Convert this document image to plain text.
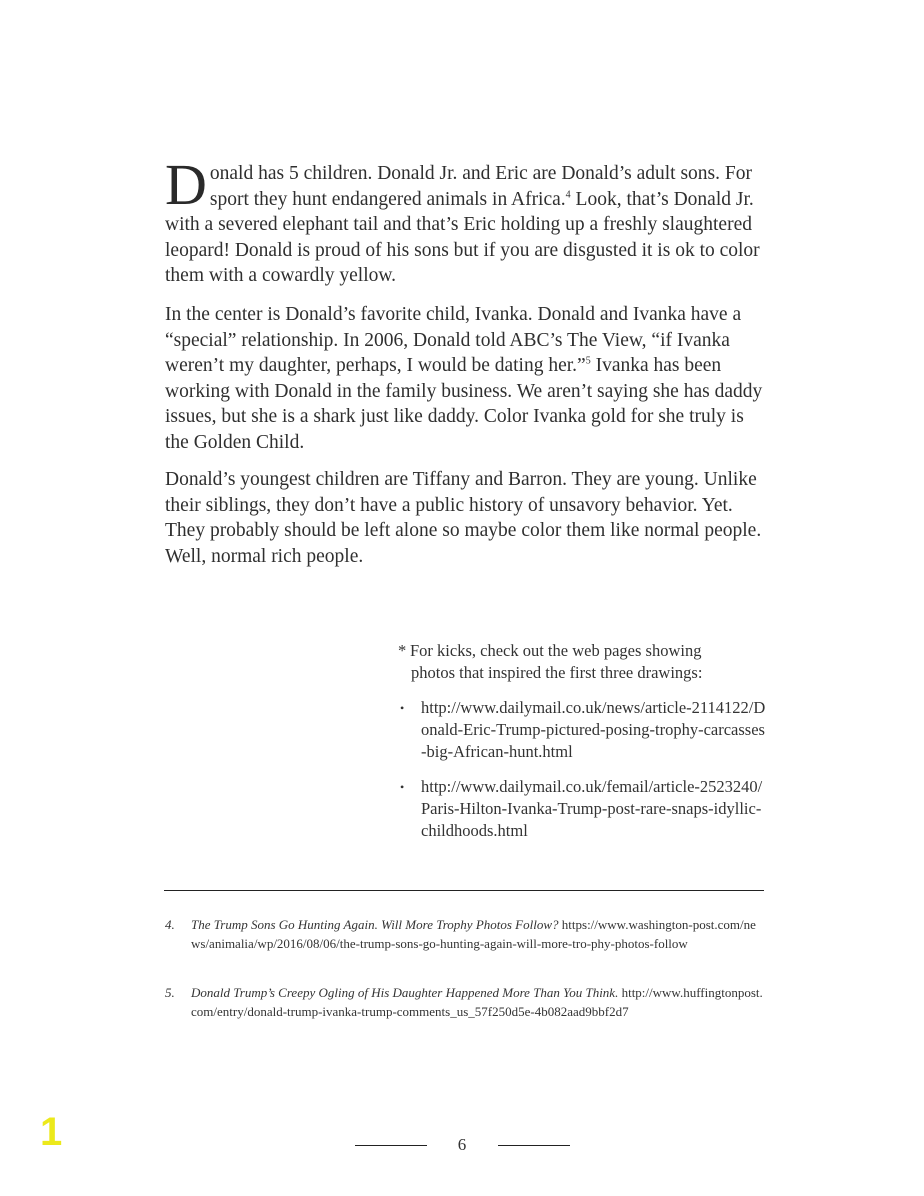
Donald has 5 children. Donald Jr. and Eric are Donald’s adult sons. For sport they hunt endangered animals in Africa.$^4$ Look, that’s Donald Jr. with a severed elephant tail and that’s Eric holding up a freshly slaughtered leopard! Donald is proud of his sons but if you are disgusted it is ok to color them with a cowardly yellow.

In the center is Donald’s favorite child, Ivanka. Donald and Ivanka have a “special” relationship. In 2006, Donald told ABC’s The View, “if Ivanka weren’t my daughter, perhaps, I would be dating her.”$^5$ Ivanka has been working with Donald in the family business. We aren’t saying she has daddy issues, but she is a shark just like daddy. Color Ivanka gold for she truly is the Golden Child.

Donald’s youngest children are Tiffany and Barron. They are young. Unlike their siblings, they don’t have a public history of unsavory behavior. Yet. They probably should be left alone so maybe color them like normal people. Well, normal rich people.

* For kicks, check out the web pages showing
photos that inspired the first three drawings:

•	http://www.dailymail.co.uk/news/article-2114122/Donald-Eric-Trump-pictured-posing-trophy-carcasses-big-African-hunt.html
•	http://www.dailymail.co.uk/femail/article-2523240/Paris-Hilton-Ivanka-Trump-post-rare-snaps-idyllic-childhoods.html
4.	The Trump Sons Go Hunting Again. Will More Trophy Photos Follow? https://www.washington-post.com/news/animalia/wp/2016/08/06/the-trump-sons-go-hunting-again-will-more-tro-phy-photos-follow
5.	Donald Trump’s Creepy Ogling of His Daughter Happened More Than You Think. http://www.huffingtonpost.com/entry/donald-trump-ivanka-trump-comments_us_57f250d5e-4b082aad9bbf2d7
6
1
